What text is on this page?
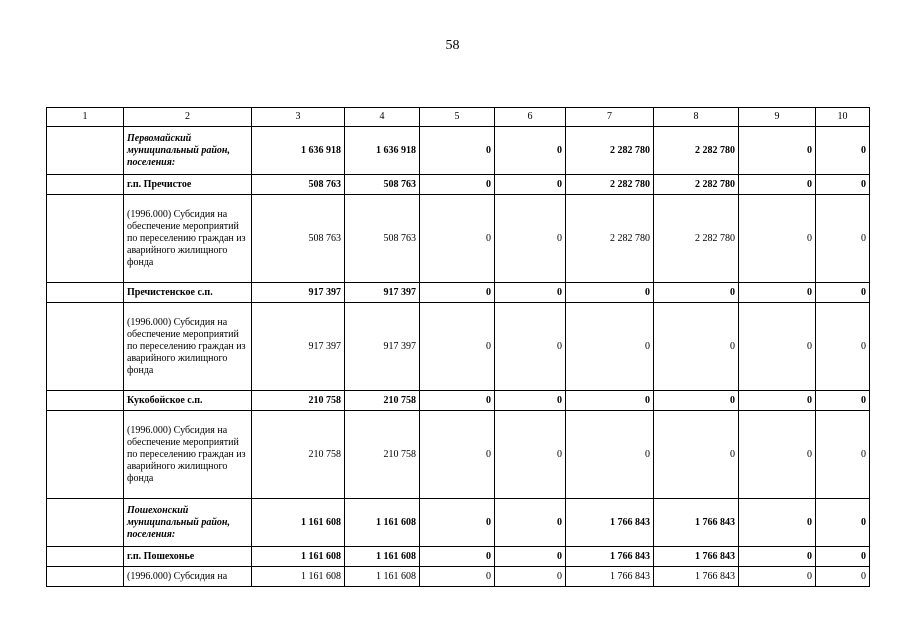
58
1	2	3	4	5	6	7	8	9	10
	Первомайский муниципальный район, поселения:	1 636 918	1 636 918	0	0	2 282 780	2 282 780	0	0
	г.п. Пречистое	508 763	508 763	0	0	2 282 780	2 282 780	0	0
	(1996.000) Субсидия на обеспечение мероприятий по переселению граждан из аварийного жилищного фонда	508 763	508 763	0	0	2 282 780	2 282 780	0	0
	Пречистенское с.п.	917 397	917 397	0	0	0	0	0	0
	(1996.000) Субсидия на обеспечение мероприятий по переселению граждан из аварийного жилищного фонда	917 397	917 397	0	0	0	0	0	0
	Кукобойское с.п.	210 758	210 758	0	0	0	0	0	0
	(1996.000) Субсидия на обеспечение мероприятий по переселению граждан из аварийного жилищного фонда	210 758	210 758	0	0	0	0	0	0
	Пошехонский муниципальный район, поселения:	1 161 608	1 161 608	0	0	1 766 843	1 766 843	0	0
	г.п. Пошехонье	1 161 608	1 161 608	0	0	1 766 843	1 766 843	0	0
	(1996.000) Субсидия на	1 161 608	1 161 608	0	0	1 766 843	1 766 843	0	0
